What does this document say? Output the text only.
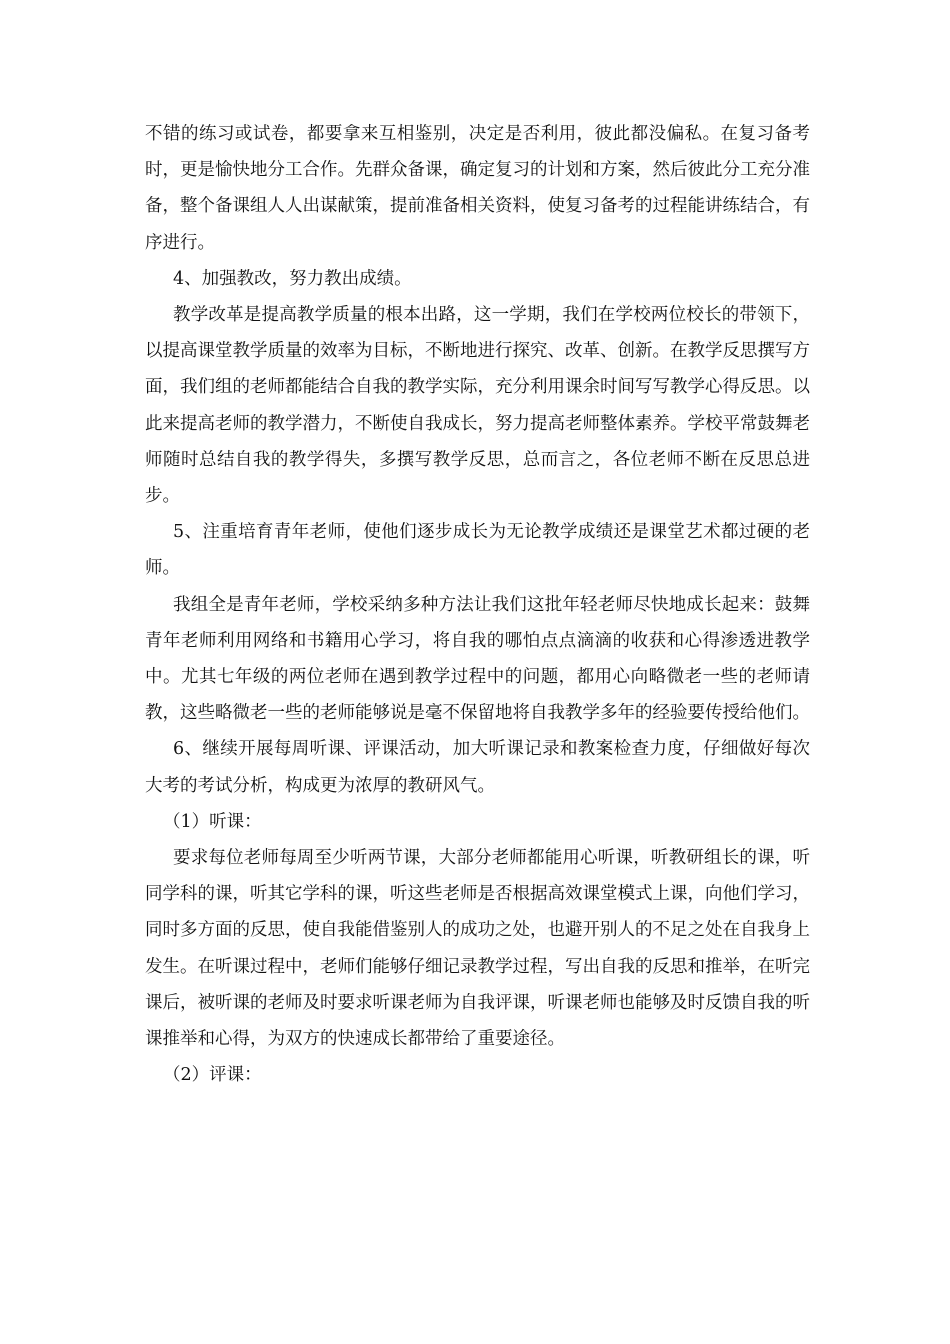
不错的练习或试卷，都要拿来互相鉴别，决定是否利用，彼此都没偏私。在复习备考时，更是愉快地分工合作。先群众备课，确定复习的计划和方案，然后彼此分工充分准备，整个备课组人人出谋献策，提前准备相关资料，使复习备考的过程能讲练结合，有序进行。

4、加强教改，努力教出成绩。

教学改革是提高教学质量的根本出路，这一学期，我们在学校两位校长的带领下，以提高课堂教学质量的效率为目标，不断地进行探究、改革、创新。在教学反思撰写方面，我们组的老师都能结合自我的教学实际，充分利用课余时间写写教学心得反思。以此来提高老师的教学潜力，不断使自我成长，努力提高老师整体素养。学校平常鼓舞老师随时总结自我的教学得失，多撰写教学反思，总而言之，各位老师不断在反思总进步。

5、注重培育青年老师，使他们逐步成长为无论教学成绩还是课堂艺术都过硬的老师。

我组全是青年老师，学校采纳多种方法让我们这批年轻老师尽快地成长起来：鼓舞青年老师利用网络和书籍用心学习，将自我的哪怕点点滴滴的收获和心得渗透进教学中。尤其七年级的两位老师在遇到教学过程中的问题，都用心向略微老一些的老师请教，这些略微老一些的老师能够说是毫不保留地将自我教学多年的经验要传授给他们。

6、继续开展每周听课、评课活动，加大听课记录和教案检查力度，仔细做好每次大考的考试分析，构成更为浓厚的教研风气。

（1）听课：

要求每位老师每周至少听两节课，大部分老师都能用心听课，听教研组长的课，听同学科的课，听其它学科的课，听这些老师是否根据高效课堂模式上课，向他们学习，同时多方面的反思，使自我能借鉴别人的成功之处，也避开别人的不足之处在自我身上发生。在听课过程中，老师们能够仔细记录教学过程，写出自我的反思和推举，在听完课后，被听课的老师及时要求听课老师为自我评课，听课老师也能够及时反馈自我的听课推举和心得，为双方的快速成长都带给了重要途径。

（2）评课：
